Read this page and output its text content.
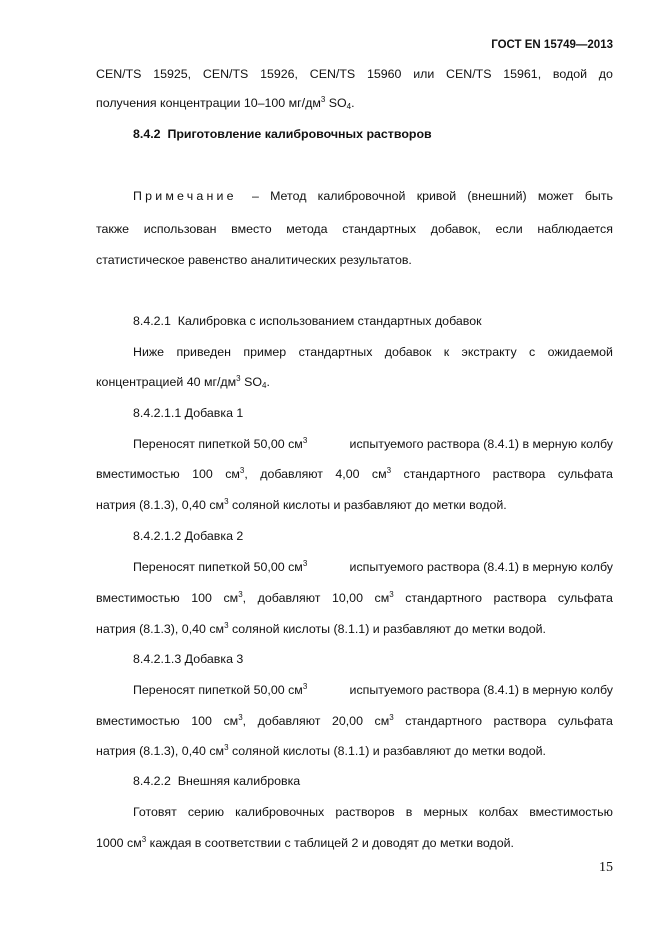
ГОСТ EN 15749—2013
CEN/TS 15925, CEN/TS 15926, CEN/TS 15960 или CEN/TS 15961, водой до
получения концентрации 10–100 $мг/дм^3$ $SO_4$.
8.4.2 Приготовление калибровочных растворов
Примечание – Метод калибровочной кривой (внешний) может быть
также использован вместо метода стандартных добавок, если наблюдается
статистическое равенство аналитических результатов.
8.4.2.1  Калибровка с использованием стандартных добавок
Ниже приведен пример стандартных добавок к экстракту с ожидаемой
концентрацией 40 $мг/дм^3$ $SO_4$.
8.4.2.1.1 Добавка 1
Переносят пипеткой 50,00 $см^3$	испытуемого раствора (8.4.1) в мерную колбу
вместимостью 100 $см^3$, добавляют 4,00 $см^3$ стандартного раствора сульфата
натрия (8.1.3), 0,40 $см^3$ соляной кислоты и разбавляют до метки водой.
8.4.2.1.2 Добавка 2
Переносят пипеткой 50,00 $см^3$	испытуемого раствора (8.4.1) в мерную колбу
вместимостью 100 $см^3$, добавляют 10,00 $см^3$ стандартного раствора сульфата
натрия (8.1.3), 0,40 $см^3$ соляной кислоты (8.1.1) и разбавляют до метки водой.
8.4.2.1.3 Добавка 3
Переносят пипеткой 50,00 $см^3$	испытуемого раствора (8.4.1) в мерную колбу
вместимостью 100 $см^3$, добавляют 20,00 $см^3$ стандартного раствора сульфата
натрия (8.1.3), 0,40 $см^3$ соляной кислоты (8.1.1) и разбавляют до метки водой.
8.4.2.2  Внешняя калибровка
Готовят серию калибровочных растворов в мерных колбах вместимостью
1000 $см^3$ каждая в соответствии с таблицей 2 и доводят до метки водой.
15
